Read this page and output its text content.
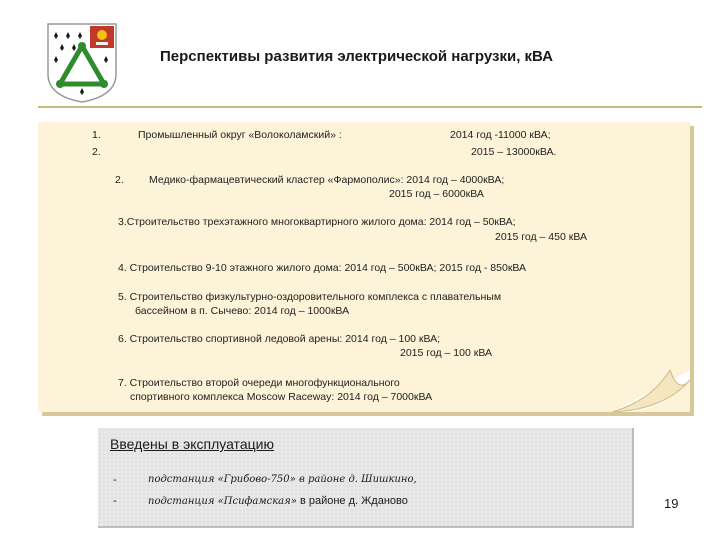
Перспективы развития электрической нагрузки, кВА
1.
2.
Промышленный округ «Волоколамский» :	2014 год -11000 кВА;
2015 – 13000кВА.
2. Медико-фармацевтический кластер «Фармополис»: 2014 год – 4000кВА;
2015 год – 6000кВА
3.Строительство трехэтажного многоквартирного жилого дома: 2014 год – 50кВА;
2015 год – 450 кВА
4. Строительство 9-10 этажного жилого дома: 2014 год – 500кВА; 2015 год - 850кВА
5. Строительство физкультурно-оздоровительного комплекса с плавательным
бассейном в п. Сычево: 2014 год – 1000кВА
6. Строительство спортивной ледовой арены: 2014 год – 100 кВА;
2015 год – 100 кВА
7. Строительство второй очереди многофункционального
спортивного комплекса Moscow Raceway: 2014 год – 7000кВА
Введены в эксплуатацию
-	подстанция «Грибово-750» в районе д. Шишкино,
-	подстанция «Псифамская» в районе д. Жданово	19
